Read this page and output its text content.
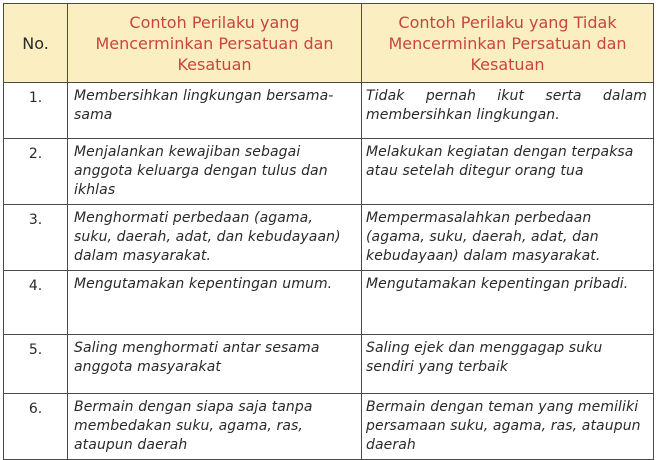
No.	Contoh Perilaku yang Mencerminkan Persatuan dan Kesatuan	Contoh Perilaku yang Tidak Mencerminkan Persatuan dan Kesatuan

1.	Membersihkan lingkungan bersama-sama	Tidak pernah ikut serta dalam membersihkan lingkungan.

2.	Menjalankan kewajiban sebagai anggota keluarga dengan tulus dan ikhlas	Melakukan kegiatan dengan terpaksa atau setelah ditegur orang tua

3.	Menghormati perbedaan (agama, suku, daerah, adat, dan kebudayaan) dalam masyarakat.	Mempermasalahkan perbedaan (agama, suku, daerah, adat, dan kebudayaan) dalam masyarakat.

4.	Mengutamakan kepentingan umum.	Mengutamakan kepentingan pribadi.

5.	Saling menghormati antar sesama anggota masyarakat	Saling ejek dan menggagap suku sendiri yang terbaik

6.	Bermain dengan siapa saja tanpa membedakan suku, agama, ras, ataupun daerah	Bermain dengan teman yang memiliki persamaan suku, agama, ras, ataupun daerah
